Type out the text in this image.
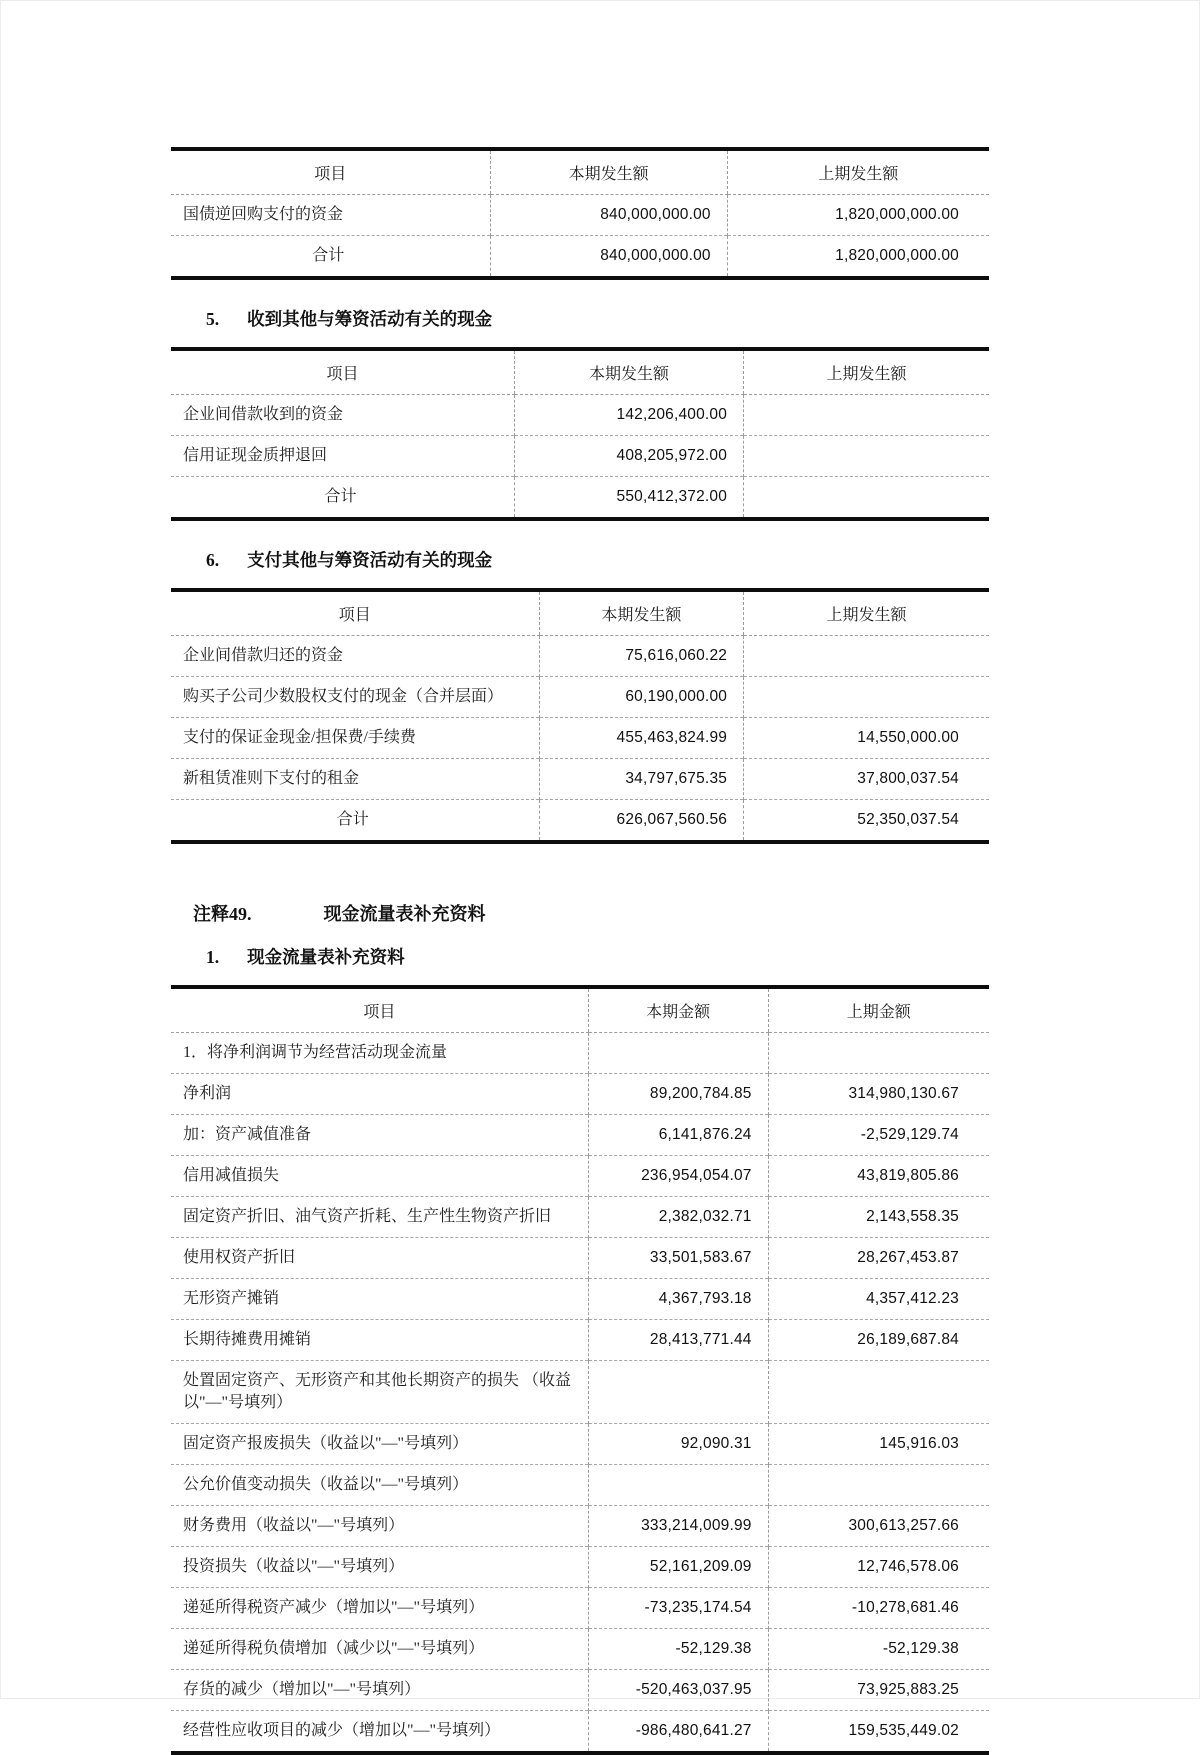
项目	本期发生额	上期发生额
国债逆回购支付的资金	840,000,000.00	1,820,000,000.00
合计	840,000,000.00	1,820,000,000.00
5. 收到其他与筹资活动有关的现金
项目	本期发生额	上期发生额
企业间借款收到的资金	142,206,400.00	
信用证现金质押退回	408,205,972.00	
合计	550,412,372.00	
6. 支付其他与筹资活动有关的现金
项目	本期发生额	上期发生额
企业间借款归还的资金	75,616,060.22	
购买子公司少数股权支付的现金（合并层面）	60,190,000.00	
支付的保证金现金/担保费/手续费	455,463,824.99	14,550,000.00
新租赁准则下支付的租金	34,797,675.35	37,800,037.54
合计	626,067,560.56	52,350,037.54
注释49.	现金流量表补充资料
1. 现金流量表补充资料
项目	本期金额	上期金额
1．将净利润调节为经营活动现金流量		
净利润	89,200,784.85	314,980,130.67
加：资产减值准备	6,141,876.24	-2,529,129.74
信用减值损失	236,954,054.07	43,819,805.86
固定资产折旧、油气资产折耗、生产性生物资产折旧	2,382,032.71	2,143,558.35
使用权资产折旧	33,501,583.67	28,267,453.87
无形资产摊销	4,367,793.18	4,357,412.23
长期待摊费用摊销	28,413,771.44	26,189,687.84
处置固定资产、无形资产和其他长期资产的损失 （收益以"—"号填列）		
固定资产报废损失（收益以"—"号填列）	92,090.31	145,916.03
公允价值变动损失（收益以"—"号填列）		
财务费用（收益以"—"号填列）	333,214,009.99	300,613,257.66
投资损失（收益以"—"号填列）	52,161,209.09	12,746,578.06
递延所得税资产减少（增加以"—"号填列）	-73,235,174.54	-10,278,681.46
递延所得税负债增加（减少以"—"号填列）	-52,129.38	-52,129.38
存货的减少（增加以"—"号填列）	-520,463,037.95	73,925,883.25
经营性应收项目的减少（增加以"—"号填列）	-986,480,641.27	159,535,449.02
